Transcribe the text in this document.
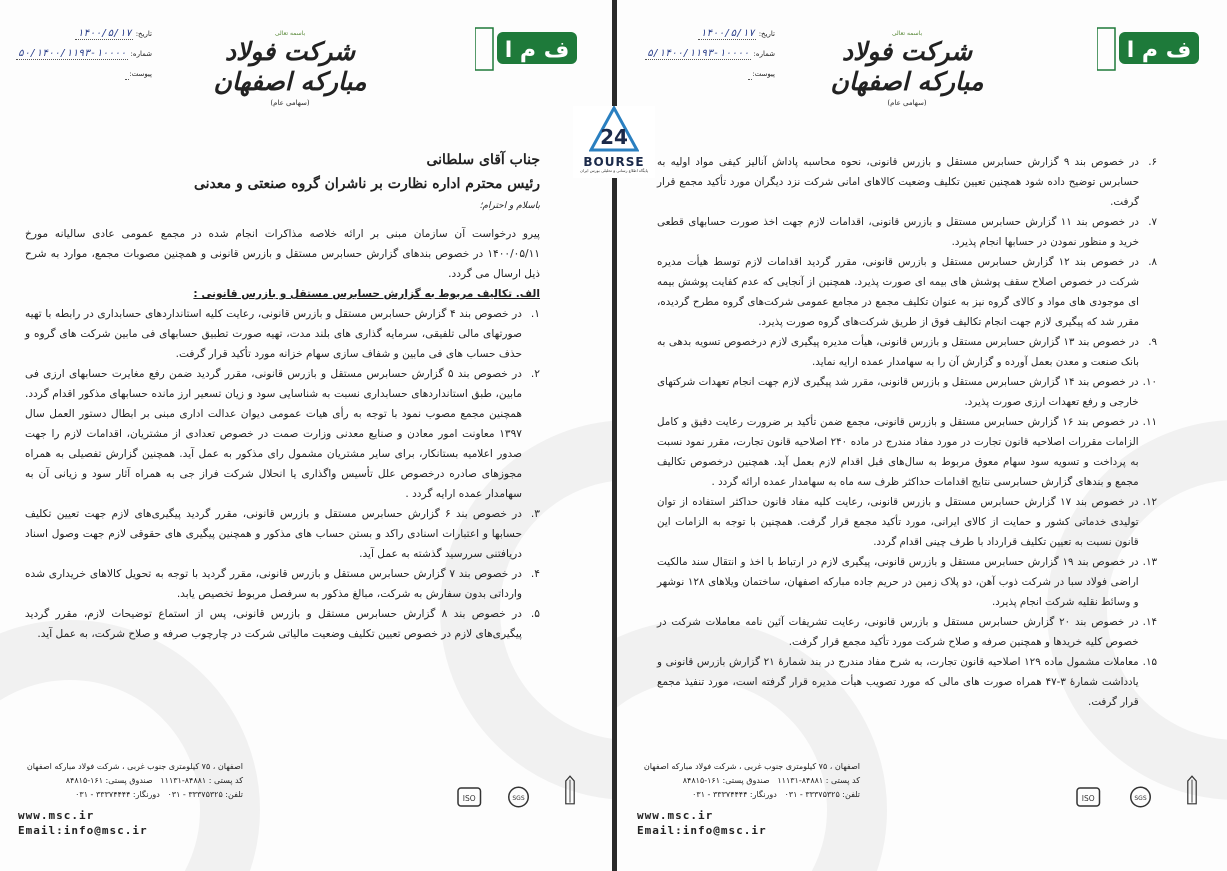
ف م ا
باسمه تعالی
شرکت فولاد مبارکه اصفهان
(سهامی عام)
تاریخ: ۱۴۰۰/۵/۱۷
شماره: ۱۰۰۰۰-۵۰/۱۴۰۰/۱۱۹۳
پیوست:

جناب آقای سلطانی

رئیس محترم اداره نظارت بر ناشران گروه صنعتی و معدنی

باسلام و احترام؛

پیرو درخواست آن سازمان مبنی بر ارائه خلاصه مذاکرات انجام شده در مجمع عمومی عادی سالیانه مورخ ۱۴۰۰/۰۵/۱۱ در خصوص بندهای گزارش حسابرس مستقل و بازرس قانونی و همچنین مصوبات مجمع، موارد به شرح ذیل ارسال می گردد.

الف. تکالیف مربوط به گزارش حسابرس مستقل و بازرس قانونی :

۱.
در خصوص بند ۴ گزارش حسابرس مستقل و بازرس قانونی، رعایت کلیه استانداردهای حسابداری در رابطه با تهیه صورتهای مالی تلفیقی، سرمایه گذاری های بلند مدت، تهیه صورت تطبیق حسابهای فی مابین شرکت های گروه و حذف حساب های فی مابین و شفاف سازی سهام خزانه مورد تأکید قرار گرفت.
۲.
در خصوص بند ۵ گزارش حسابرس مستقل و بازرس قانونی، مقرر گردید ضمن رفع مغایرت حسابهای ارزی فی مابین، طبق استانداردهای حسابداری نسبت به شناسایی سود و زیان تسعیر ارز مانده حسابهای مذکور اقدام گردد. همچنین مجمع مصوب نمود با توجه به رأی هیات عمومی دیوان عدالت اداری مبنی بر ابطال دستور العمل سال ۱۳۹۷ معاونت امور معادن و صنایع معدنی وزارت صمت در خصوص تعدادی از مشتریان، اقدامات لازم را جهت صدور اعلامیه بستانکار، برای سایر مشتریان مشمول رای مذکور به عمل آید. همچنین گزارش تفصیلی به همراه مجوزهای صادره درخصوص علل تأسیس واگذاری یا انحلال شرکت فراز جی به همراه آثار سود و زیانی آن به سهامدار عمده ارایه گردد .
۳.
در خصوص بند ۶ گزارش حسابرس مستقل و بازرس قانونی، مقرر گردید پیگیری‌های لازم جهت تعیین تکلیف حسابها و اعتبارات اسنادی راکد و بستن حساب های مذکور و همچنین پیگیری های حقوقی لازم جهت وصول اسناد دریافتنی سررسید گذشته به عمل آید.
۴.
در خصوص بند ۷ گزارش حسابرس مستقل و بازرس قانونی، مقرر گردید با توجه به تحویل کالاهای خریداری شده وارداتی بدون سفارش به شرکت، مبالغ مذکور به سرفصل مربوط تخصیص یابد.
۵.
در خصوص بند ۸ گزارش حسابرس مستقل و بازرس قانونی، پس از استماع توضیحات لازم، مقرر گردید پیگیری‌های لازم در خصوص تعیین تکلیف وضعیت مالیاتی شرکت در چارچوب صرفه و صلاح شرکت، به عمل آید.
اصفهان ، ۷۵ کیلومتری جنوب غربی ، شرکت فولاد مبارکه اصفهان
کد پستی : ۸۴۸۸۱-۱۱۱۳۱   صندوق پستی: ۱۶۱-۸۴۸۱۵
تلفن: ۳۳۳۷۵۳۲۵ - ۰۳۱   دورنگار: ۳۳۳۷۴۴۴۴ - ۰۳۱
www.msc.ir
Email:info@msc.ir
ISO	SGS
ف م ا
باسمه تعالی
شرکت فولاد مبارکه اصفهان
(سهامی عام)
تاریخ: ۱۴۰۰/۵/۱۷
شماره: ۱۰۰۰۰-۵/۱۴۰۰/۱۱۹۳
پیوست:
۶.
در خصوص بند ۹ گزارش حسابرس مستقل و بازرس قانونی، نحوه محاسبه پاداش آنالیز کیفی مواد اولیه به حسابرس توضیح داده شود همچنین تعیین تکلیف وضعیت کالاهای امانی شرکت نزد دیگران مورد تأکید مجمع قرار گرفت.
۷.
در خصوص بند ۱۱ گزارش حسابرس مستقل و بازرس قانونی، اقدامات لازم جهت اخذ صورت حسابهای قطعی خرید و منظور نمودن در حسابها انجام پذیرد.
۸.
در خصوص بند ۱۲ گزارش حسابرس مستقل و بازرس قانونی، مقرر گردید اقدامات لازم توسط هیأت مدیره شرکت در خصوص اصلاح سقف پوشش های بیمه ای صورت پذیرد. همچنین از آنجایی که عدم کفایت پوشش بیمه ای موجودی های مواد و کالای گروه نیز به عنوان تکلیف مجمع در مجامع عمومی شرکت‌های گروه مطرح گردیده، مقرر شد که پیگیری لازم جهت انجام تکالیف فوق از طریق شرکت‌های گروه صورت پذیرد.
۹.
در خصوص بند ۱۳ گزارش حسابرس مستقل و بازرس قانونی، هیأت مدیره پیگیری لازم درخصوص تسویه بدهی به بانک صنعت و معدن بعمل آورده و گزارش آن را به سهامدار عمده ارایه نماید.
۱۰.
در خصوص بند ۱۴ گزارش حسابرس مستقل و بازرس قانونی، مقرر شد پیگیری لازم جهت انجام تعهدات شرکتهای خارجی و رفع تعهدات ارزی صورت پذیرد.
۱۱.
در خصوص بند ۱۶ گزارش حسابرس مستقل و بازرس قانونی، مجمع ضمن تأکید بر ضرورت رعایت دقیق و کامل الزامات مقررات اصلاحیه قانون تجارت در مورد مفاد مندرج در ماده ۲۴۰ اصلاحیه قانون تجارت، مقرر نمود نسبت به پرداخت و تسویه سود سهام معوق مربوط به سال‌های قبل اقدام لازم بعمل آید. همچنین درخصوص تکالیف مجمع و بندهای گزارش حسابرسی نتایج اقدامات حداکثر ظرف سه ماه به سهامدار عمده ارائه گردد .
۱۲.
در خصوص بند ۱۷ گزارش حسابرس مستقل و بازرس قانونی، رعایت کلیه مفاد قانون حداکثر استفاده از توان تولیدی خدماتی کشور و حمایت از کالای ایرانی، مورد تأکید مجمع قرار گرفت. همچنین با توجه به الزامات این قانون نسبت به تعیین تکلیف قرارداد با طرف چینی اقدام گردد.
۱۳.
در خصوص بند ۱۹ گزارش حسابرس مستقل و بازرس قانونی، پیگیری لازم در ارتباط با اخذ و انتقال سند مالکیت اراضی فولاد سبا در شرکت ذوب آهن، دو پلاک زمین در حریم جاده مبارکه اصفهان، ساختمان ویلاهای ۱۲۸ نوشهر و وسائط نقلیه شرکت انجام پذیرد.
۱۴.
در خصوص بند ۲۰ گزارش حسابرس مستقل و بازرس قانونی، رعایت تشریفات آئین نامه معاملات شرکت در خصوص کلیه خریدها و همچنین صرفه و صلاح شرکت مورد تأکید مجمع قرار گرفت.
۱۵.
معاملات مشمول ماده ۱۲۹ اصلاحیه قانون تجارت، به شرح مفاد مندرج در بند شمارۀ ۲۱ گزارش بازرس قانونی و یادداشت شمارۀ ۳-۴۷ همراه صورت های مالی که مورد تصویب هیأت مدیره قرار گرفته است، مورد تنفیذ مجمع قرار گرفت.
اصفهان ، ۷۵ کیلومتری جنوب غربی ، شرکت فولاد مبارکه اصفهان
کد پستی : ۸۴۸۸۱-۱۱۱۳۱   صندوق پستی: ۱۶۱-۸۴۸۱۵
تلفن: ۳۳۳۷۵۳۲۵ - ۰۳۱   دورنگار: ۳۳۳۷۴۴۴۴ - ۰۳۱
www.msc.ir
Email:info@msc.ir
ISO	SGS
24
BOURSE
پایگاه اطلاع رسانی و تحلیلی بورس ایران
